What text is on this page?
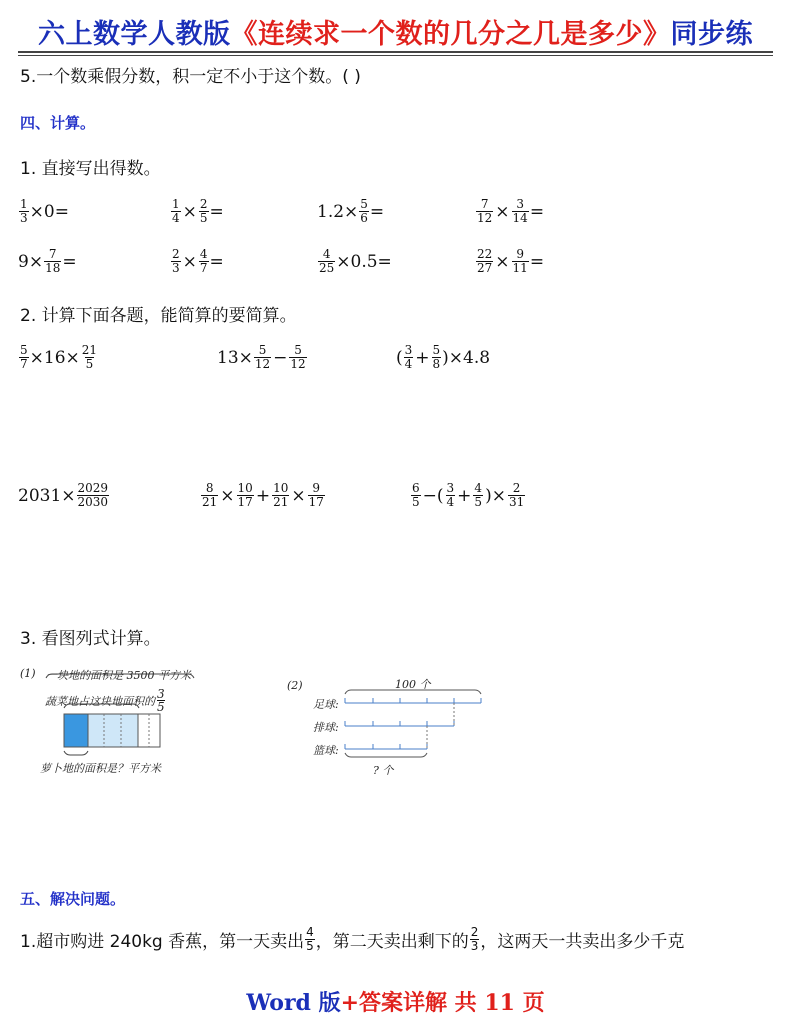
六上数学人教版《连续求一个数的几分之几是多少》同步练
5.一个数乘假分数，积一定不小于这个数。( )
四、计算。
1. 直接写出得数。
$\frac{1}{3} \times 0=$	$\frac{1}{4} \times \frac{2}{5}$ =	$1.2\times \frac{5}{6}$ =	$\frac{7}{12} \times \frac{3}{14}$ =
$9\times \frac{7}{18}$ =	$\frac{2}{3} \times \frac{4}{7}$ =	$\frac{4}{25} \times 0.5=$	$\frac{22}{27} \times \frac{9}{11}$ =
2. 计算下面各题，能简算的要简算。
$\frac{5}{7} \times 16\times \frac{21}{5}$	$13\times \frac{5}{12} - \frac{5}{12}$	( $\frac{3}{4} + \frac{5}{8} )\times 4.8$
$2031\times \frac{2029}{2030}$	$\frac{8}{21} \times \frac{10}{17} + \frac{10}{21} \times \frac{9}{17}$	$\frac{6}{5}$ −( $\frac{3}{4} + \frac{4}{5}$ )× $\frac{2}{31}$
3. 看图列式计算。
(1) 一块地的面积是 3500 平方米
蔬菜地占这块地面积的 3
5
萝卜地的面积是？平方米
(2)	100 个
足球:
排球:
篮球:
? 个
五、解决问题。
1.超市购进 240kg 香蕉，第一天卖出 $\frac{4}{5}$ ，第二天卖出剩下的 $\frac{2}{3}$ ，这两天一共卖出多少千克
Word 版+答案详解 共 11 页
